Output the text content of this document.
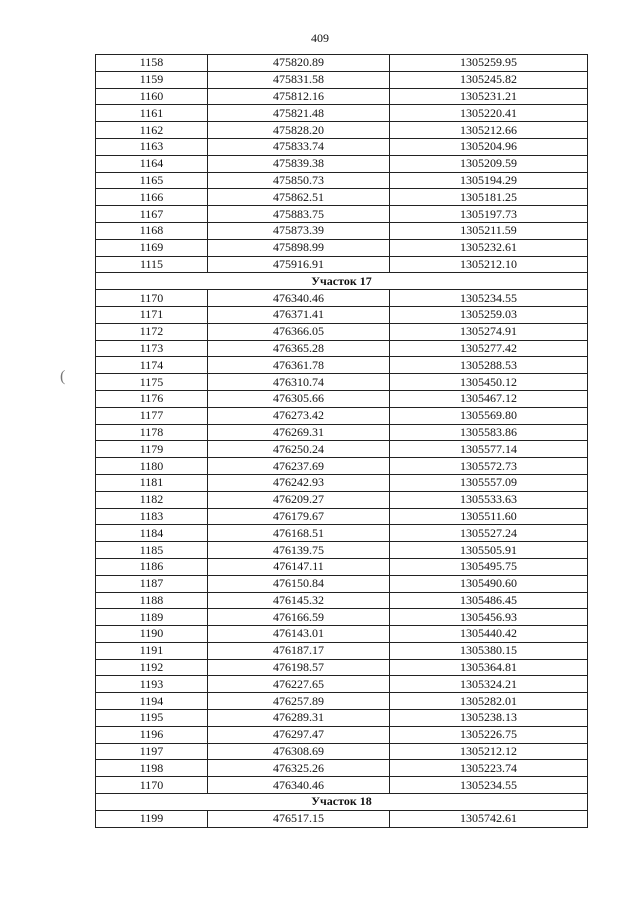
409
(
1158	475820.89	1305259.95
1159	475831.58	1305245.82
1160	475812.16	1305231.21
1161	475821.48	1305220.41
1162	475828.20	1305212.66
1163	475833.74	1305204.96
1164	475839.38	1305209.59
1165	475850.73	1305194.29
1166	475862.51	1305181.25
1167	475883.75	1305197.73
1168	475873.39	1305211.59
1169	475898.99	1305232.61
1115	475916.91	1305212.10
Участок 17		
1170	476340.46	1305234.55
1171	476371.41	1305259.03
1172	476366.05	1305274.91
1173	476365.28	1305277.42
1174	476361.78	1305288.53
1175	476310.74	1305450.12
1176	476305.66	1305467.12
1177	476273.42	1305569.80
1178	476269.31	1305583.86
1179	476250.24	1305577.14
1180	476237.69	1305572.73
1181	476242.93	1305557.09
1182	476209.27	1305533.63
1183	476179.67	1305511.60
1184	476168.51	1305527.24
1185	476139.75	1305505.91
1186	476147.11	1305495.75
1187	476150.84	1305490.60
1188	476145.32	1305486.45
1189	476166.59	1305456.93
1190	476143.01	1305440.42
1191	476187.17	1305380.15
1192	476198.57	1305364.81
1193	476227.65	1305324.21
1194	476257.89	1305282.01
1195	476289.31	1305238.13
1196	476297.47	1305226.75
1197	476308.69	1305212.12
1198	476325.26	1305223.74
1170	476340.46	1305234.55
Участок 18		
1199	476517.15	1305742.61
